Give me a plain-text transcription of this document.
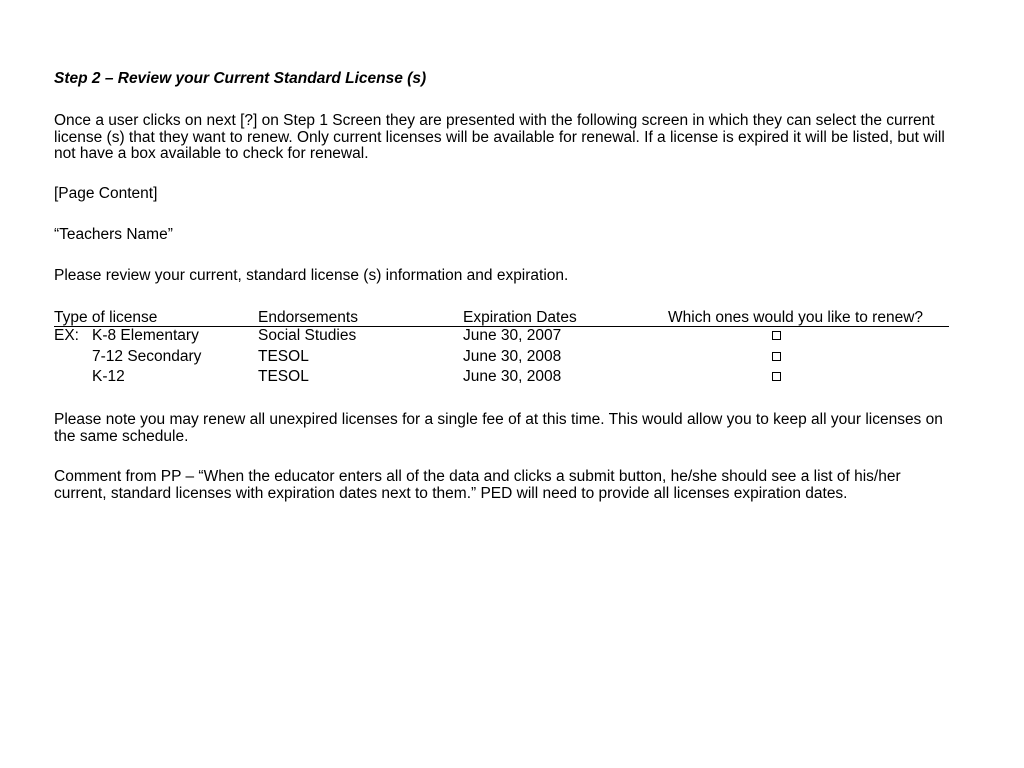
Step 2 – Review your Current Standard License (s)

Once a user clicks on next [?] on Step 1 Screen they are presented with the following screen in which they can select the current license (s) that they want to renew. Only current licenses will be available for renewal. If a license is expired it will be listed, but will not have a box available to check for renewal.

[Page Content]

“Teachers Name”

Please review your current, standard license (s) information and expiration.

Type of license	Endorsements	Expiration Dates	Which ones would you like to renew?
EX: K-8 Elementary	Social Studies	June 30, 2007
7-12 Secondary	TESOL	June 30, 2008
K-12	TESOL	June 30, 2008

Please note you may renew all unexpired licenses for a single fee of at this time. This would allow you to keep all your licenses on the same schedule.

Comment from PP – “When the educator enters all of the data and clicks a submit button, he/she should see a list of his/her current, standard licenses with expiration dates next to them.” PED will need to provide all licenses expiration dates.
